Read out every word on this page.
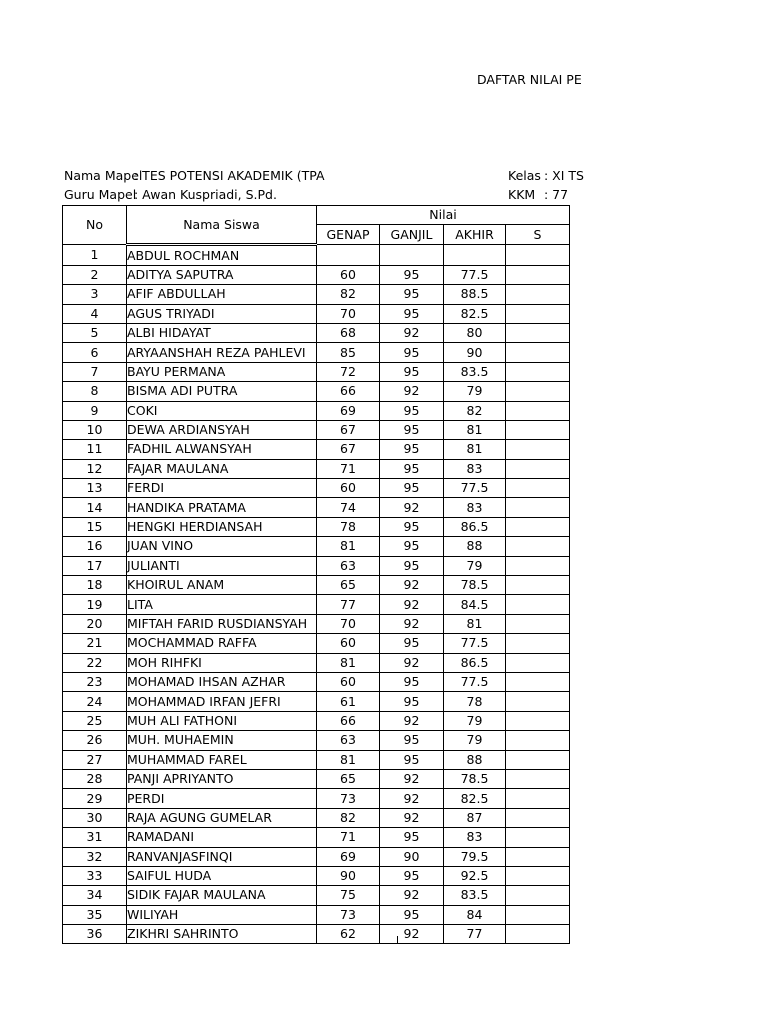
DAFTAR NILAI PE
Nama Mapel: TES POTENSI AKADEMIK (TPA
Guru Mapel: Awan Kuspriadi, S.Pd.
Kelas : XI TS
KKM : 77
No	Nama Siswa	Nilai			
		GENAP	GANJIL	AKHIR	S
1	ABDUL ROCHMAN				
2	ADITYA SAPUTRA	60	95	77.5	
3	AFIF ABDULLAH	82	95	88.5	
4	AGUS TRIYADI	70	95	82.5	
5	ALBI HIDAYAT	68	92	80	
6	ARYAANSHAH REZA PAHLEVI	85	95	90	
7	BAYU PERMANA	72	95	83.5	
8	BISMA ADI PUTRA	66	92	79	
9	COKI	69	95	82	
10	DEWA ARDIANSYAH	67	95	81	
11	FADHIL ALWANSYAH	67	95	81	
12	FAJAR MAULANA	71	95	83	
13	FERDI	60	95	77.5	
14	HANDIKA PRATAMA	74	92	83	
15	HENGKI HERDIANSAH	78	95	86.5	
16	JUAN VINO	81	95	88	
17	JULIANTI	63	95	79	
18	KHOIRUL ANAM	65	92	78.5	
19	LITA	77	92	84.5	
20	MIFTAH FARID RUSDIANSYAH	70	92	81	
21	MOCHAMMAD RAFFA	60	95	77.5	
22	MOH RIHFKI	81	92	86.5	
23	MOHAMAD IHSAN AZHAR	60	95	77.5	
24	MOHAMMAD IRFAN JEFRI	61	95	78	
25	MUH ALI FATHONI	66	92	79	
26	MUH. MUHAEMIN	63	95	79	
27	MUHAMMAD FAREL	81	95	88	
28	PANJI APRIYANTO	65	92	78.5	
29	PERDI	73	92	82.5	
30	RAJA AGUNG GUMELAR	82	92	87	
31	RAMADANI	71	95	83	
32	RANVANJASFINQI	69	90	79.5	
33	SAIFUL HUDA	90	95	92.5	
34	SIDIK FAJAR MAULANA	75	92	83.5	
35	WILIYAH	73	95	84	
36	ZIKHRI SAHRINTO	62	92	77	
